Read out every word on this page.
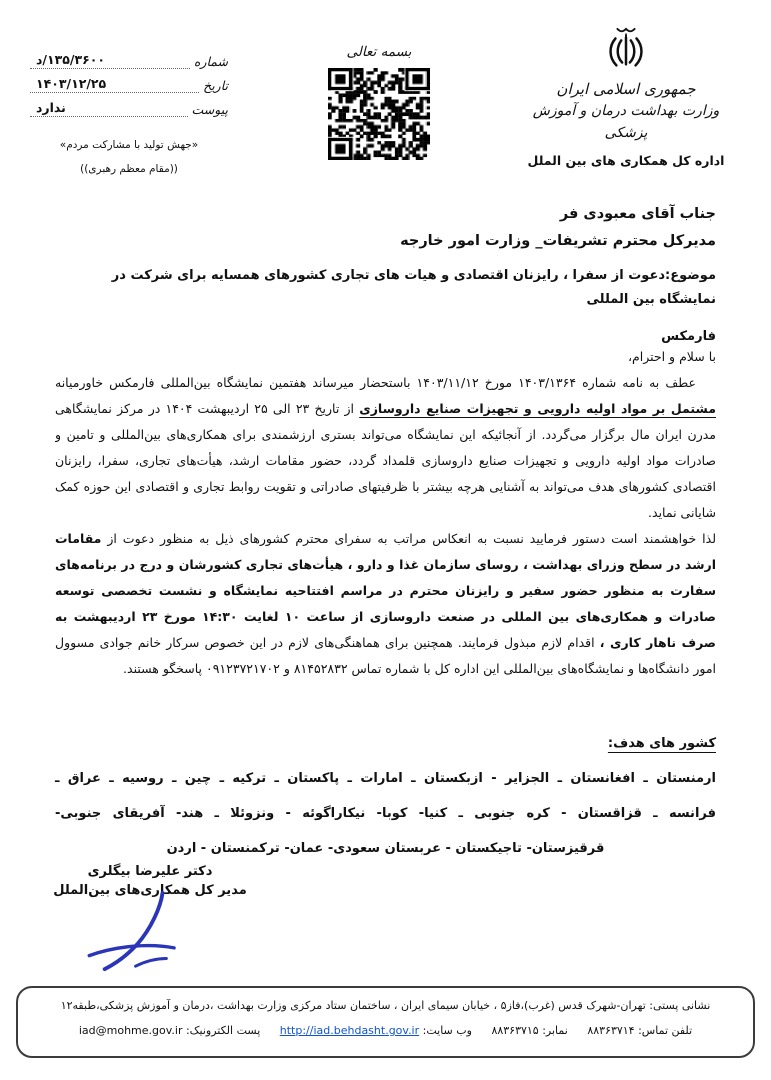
شماره
۱۳۵/۳۶۰۰/د
تاریخ
۱۴۰۳/۱۲/۲۵
پیوست
ندارد
«جهش تولید با مشارکت مردم»
((مقام معظم رهبری))
بسمه تعالی
جمهوری اسلامی ایران
وزارت بهداشت درمان و آموزش پزشکی
اداره کل همکاری های بین الملل
جناب آقای معبودی فر
مدیرکل محترم تشریفات_ وزارت امور خارجه
موضوع:دعوت از سفرا ، رایزنان اقتصادی و هیات های تجاری کشورهای همسایه برای شرکت در نمایشگاه بین المللی
فارمکس

با سلام و احترام،

عطف به نامه شماره ۱۴۰۳/۱۳۶۴ مورخ ۱۴۰۳/۱۱/۱۲ باستحضار میرساند هفتمین نمایشگاه بین‌المللی فارمکس خاورمیانه مشتمل بر مواد اولیه دارویی و تجهیزات صنایع داروسازی از تاریخ ۲۳ الی ۲۵ اردیبهشت ۱۴۰۴ در مرکز نمایشگاهی مدرن ایران مال برگزار می‌گردد. از آنجائیکه این نمایشگاه می‌تواند بستری ارزشمندی برای همکاری‌های بین‌المللی و تامین و صادرات مواد اولیه دارویی و تجهیزات صنایع داروسازی قلمداد گردد، حضور مقامات ارشد، هیأت‌های تجاری، سفرا، رایزنان اقتصادی کشورهای هدف می‌تواند به آشنایی هرچه بیشتر با ظرفیتهای صادراتی و تقویت روابط تجاری و اقتصادی این حوزه کمک شایانی نماید.

لذا خواهشمند است دستور فرمایید نسبت به انعکاس مراتب به سفرای محترم کشورهای ذیل به منظور دعوت از مقامات ارشد در سطح وزرای بهداشت ، روسای سازمان غذا و دارو ، هیأت‌های تجاری کشورشان و درج در برنامه‌های سفارت به منظور حضور سفیر و رایزنان محترم در مراسم افتتاحیه نمایشگاه و نشست تخصصی توسعه صادرات و همکاری‌های بین المللی در صنعت داروسازی از ساعت ۱۰ لغایت ۱۴:۳۰ مورخ ۲۳ اردیبهشت به صرف ناهار کاری ، اقدام لازم مبذول فرمایند. همچنین برای هماهنگی‌های لازم در این خصوص سرکار خانم جوادی مسوول امور دانشگاه‌ها و نمایشگاه‌های بین‌المللی این اداره کل با شماره تماس ۸۱۴۵۲۸۳۲ و ۰۹۱۲۳۷۲۱۷۰۲ پاسخگو هستند.

کشور های هدف:
ارمنستان ـ افغانستان ـ الجزایر - ازبکستان ـ امارات ـ پاکستان ـ ترکیه ـ چین ـ روسیه ـ عراق ـ
فرانسه ـ قزاقستان - کره جنوبی ـ کنیا- کوبا- نیکاراگوئه - ونزوئلا ـ هند- آفریقای جنوبی-
قرقیزستان- تاجیکستان - عربستان سعودی- عمان- ترکمنستان - اردن
دکتر علیرضا بیگلری
مدیر کل همکاری‌های بین‌الملل
نشانی پستی: تهران-شهرک قدس (غرب)،فاز۵ ، خیابان سیمای ایران ، ساختمان ستاد مرکزی وزارت بهداشت ،درمان و آموزش پزشکی،طبقه۱۲
تلفن تماس: ۸۸۳۶۳۷۱۴ نمابر: ۸۸۳۶۳۷۱۵ وب سایت: http://iad.behdasht.gov.ir پست الکترونیک: iad@mohme.gov.ir
